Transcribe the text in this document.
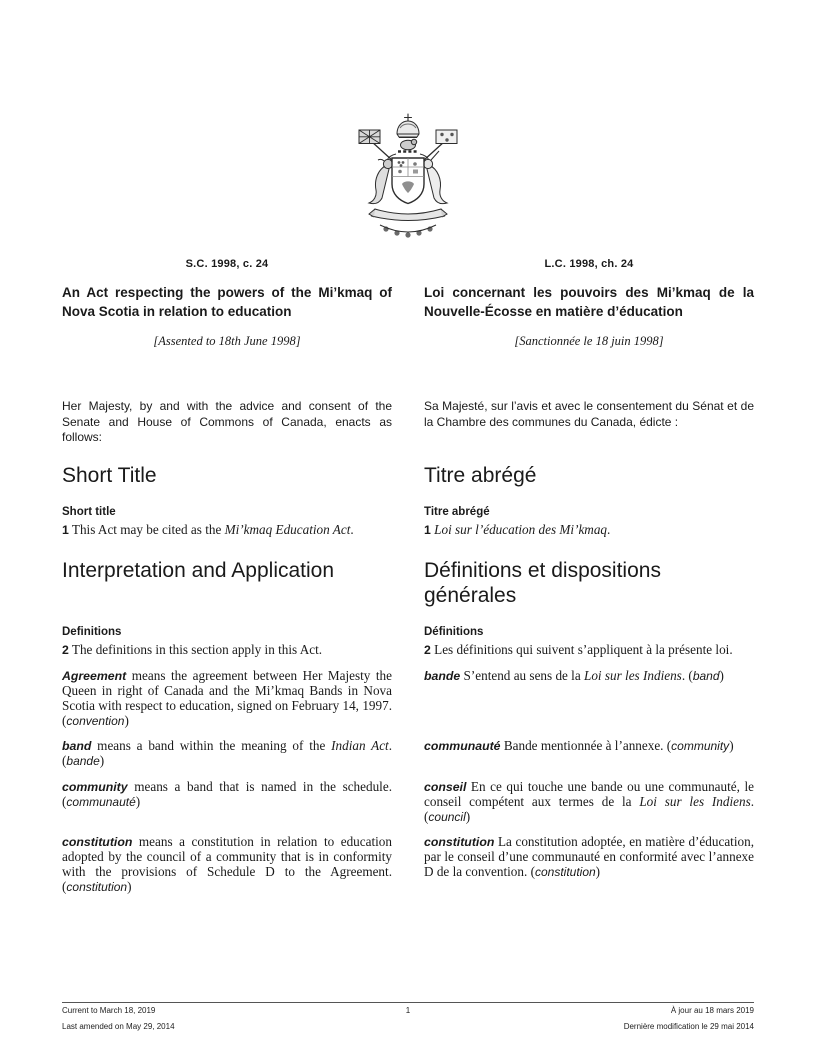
S.C. 1998, c. 24	L.C. 1998, ch. 24
An Act respecting the powers of the Mi’kmaq of Nova Scotia in relation to education
Loi concernant les pouvoirs des Mi’kmaq de la Nouvelle-Écosse en matière d’éducation
[Assented to 18th June 1998]	[Sanctionnée le 18 juin 1998]

Her Majesty, by and with the advice and consent of the Senate and House of Commons of Canada, enacts as follows:

Sa Majesté, sur l’avis et avec le consentement du Sénat et de la Chambre des communes du Canada, édicte :

Short Title	Titre abrégé
Short title	Titre abrégé

1 This Act may be cited as the Mi’kmaq Education Act.	1 Loi sur l’éducation des Mi’kmaq.

Interpretation and Application	Définitions et dispositions générales
Definitions	Définitions

2 The definitions in this section apply in this Act.	2 Les définitions qui suivent s’appliquent à la présente loi.

Agreement means the agreement between Her Majesty the Queen in right of Canada and the Mi’kmaq Bands in Nova Scotia with respect to education, signed on February 14, 1997. (convention)

bande S’entend au sens de la Loi sur les Indiens. (band)

band means a band within the meaning of the Indian Act. (bande)

communauté Bande mentionnée à l’annexe. (community)

community means a band that is named in the schedule. (communauté)

conseil En ce qui touche une bande ou une communauté, le conseil compétent aux termes de la Loi sur les Indiens. (council)

constitution means a constitution in relation to education adopted by the council of a community that is in conformity with the provisions of Schedule D to the Agreement. (constitution)

constitution La constitution adoptée, en matière d’éducation, par le conseil d’une communauté en conformité avec l’annexe D de la convention. (constitution)

Current to March 18, 2019

Last amended on May 29, 2014

1	À jour au 18 mars 2019

Dernière modification le 29 mai 2014
